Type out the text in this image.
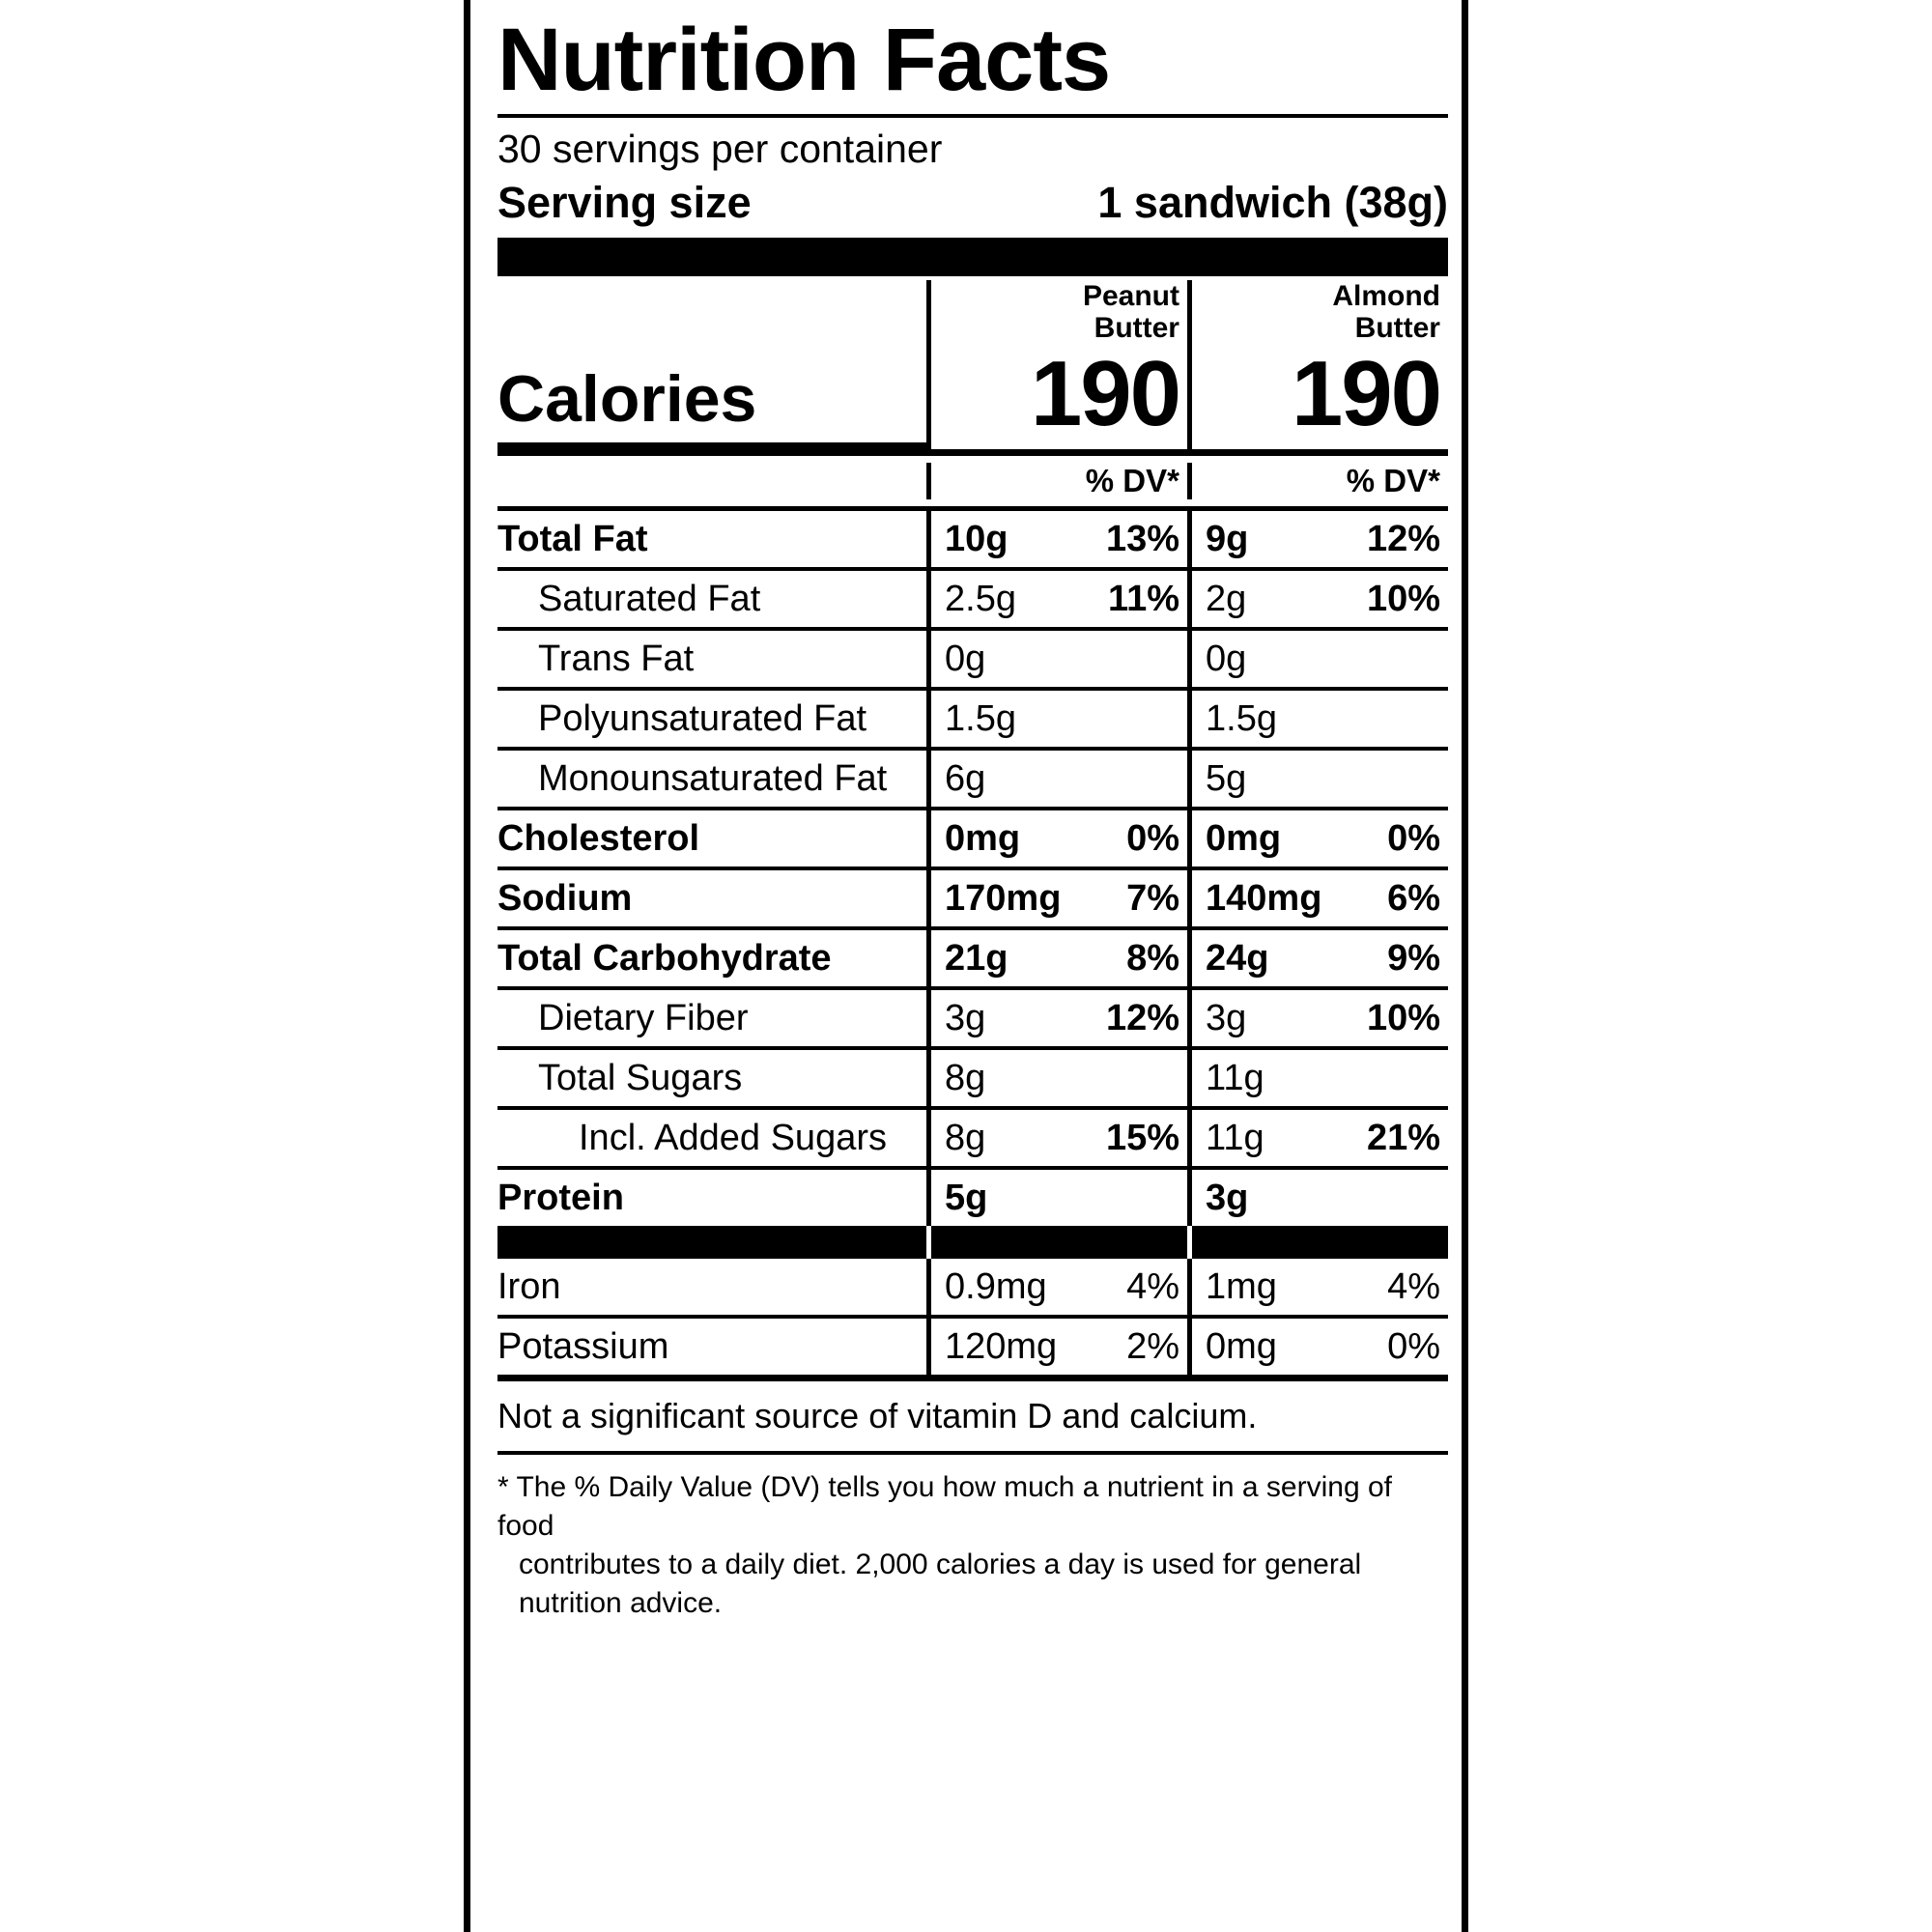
Nutrition Facts
30 servings per container
Serving size	1 sandwich (38g)
Peanut
Butter
Almond
Butter
Calories	190	190
% DV*	% DV*
Total Fat	10g	13% 9g	12%
Saturated Fat	2.5g	11% 2g	10%
Trans Fat	0g	0g
Polyunsaturated Fat	1.5g	1.5g
Monounsaturated Fat	6g	5g
Cholesterol	0mg	0% 0mg	0%
Sodium	170mg 7% 140mg 6%
Total Carbohydrate	21g	8% 24g	9%
Dietary Fiber	3g	12% 3g	10%
Total Sugars	8g	11g
Incl. Added Sugars	8g	15% 11g	21%
Protein	5g	3g
Iron	0.9mg 4% 1mg	4%
Potassium	120mg 2% 0mg	0%
Not a significant source of vitamin D and calcium.
* The % Daily Value (DV) tells you how much a nutrient in a serving of food
contributes to a daily diet. 2,000 calories a day is used for general nutrition advice.
